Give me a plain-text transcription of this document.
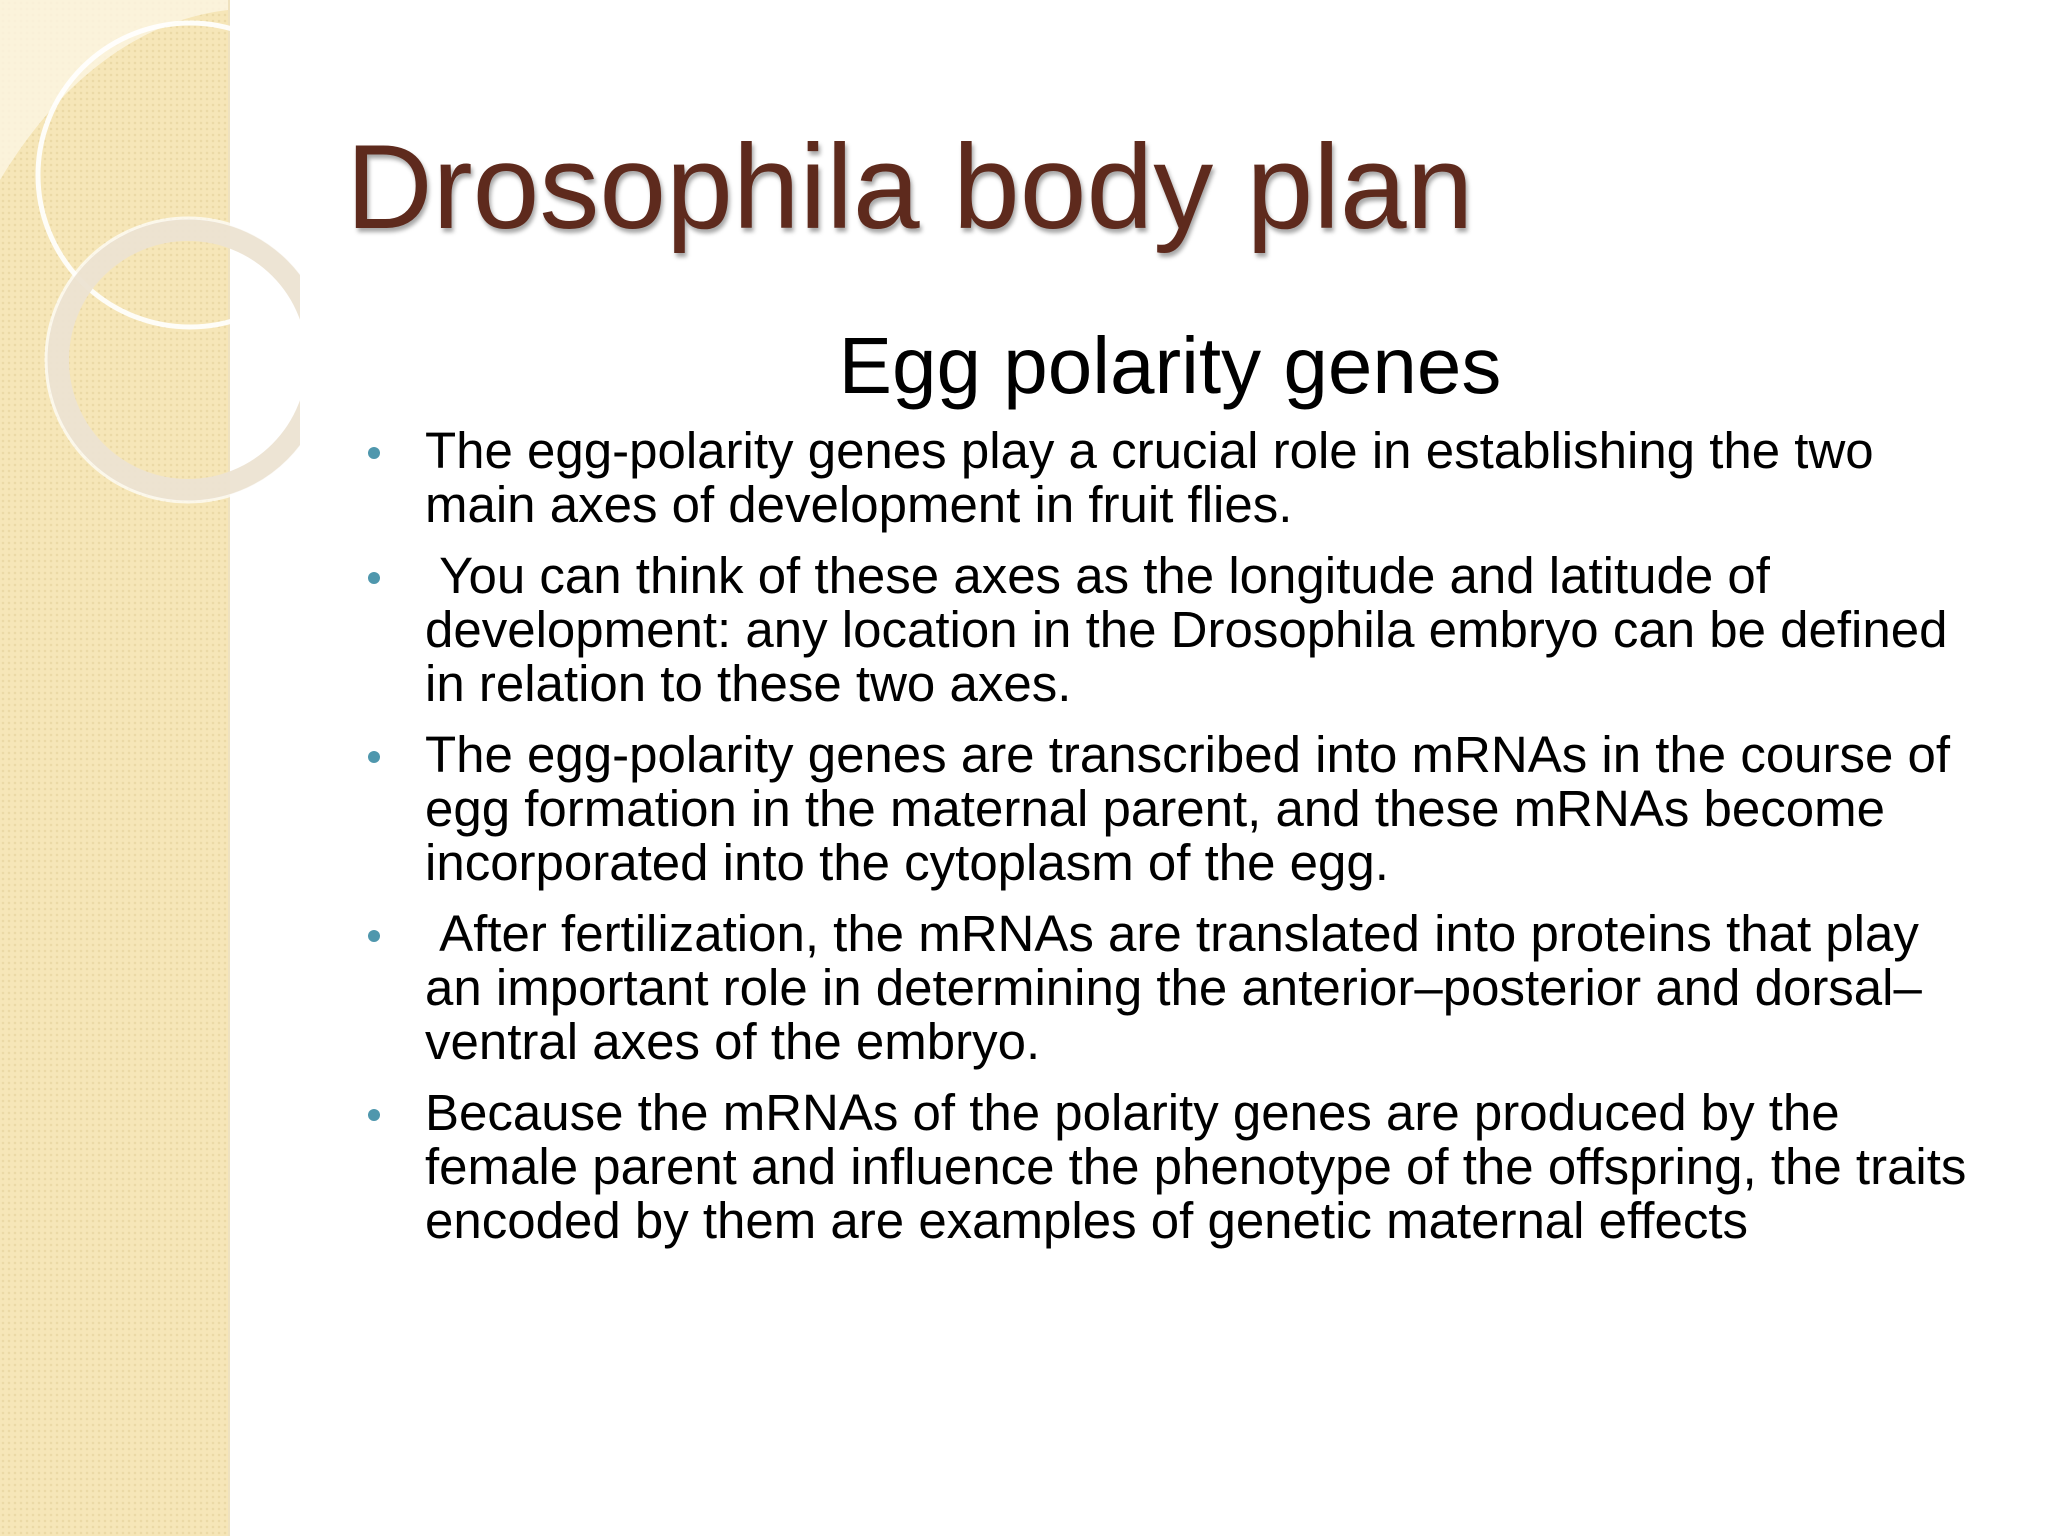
Drosophila body plan
Egg polarity genes
The egg-polarity genes play a crucial role in establishing the two main axes of development in fruit flies.
You can think of these axes as the longitude and latitude of development: any location in the Drosophila embryo can be defined in relation to these two axes.
The egg-polarity genes are transcribed into mRNAs in the course of egg formation in the maternal parent, and these mRNAs become incorporated into the cytoplasm of the egg.
After fertilization, the mRNAs are translated into proteins that play an important role in determining the anterior–posterior and dorsal–ventral axes of the embryo.
Because the mRNAs of the polarity genes are produced by the female parent and influence the phenotype of the offspring, the traits encoded by them are examples of genetic maternal effects
